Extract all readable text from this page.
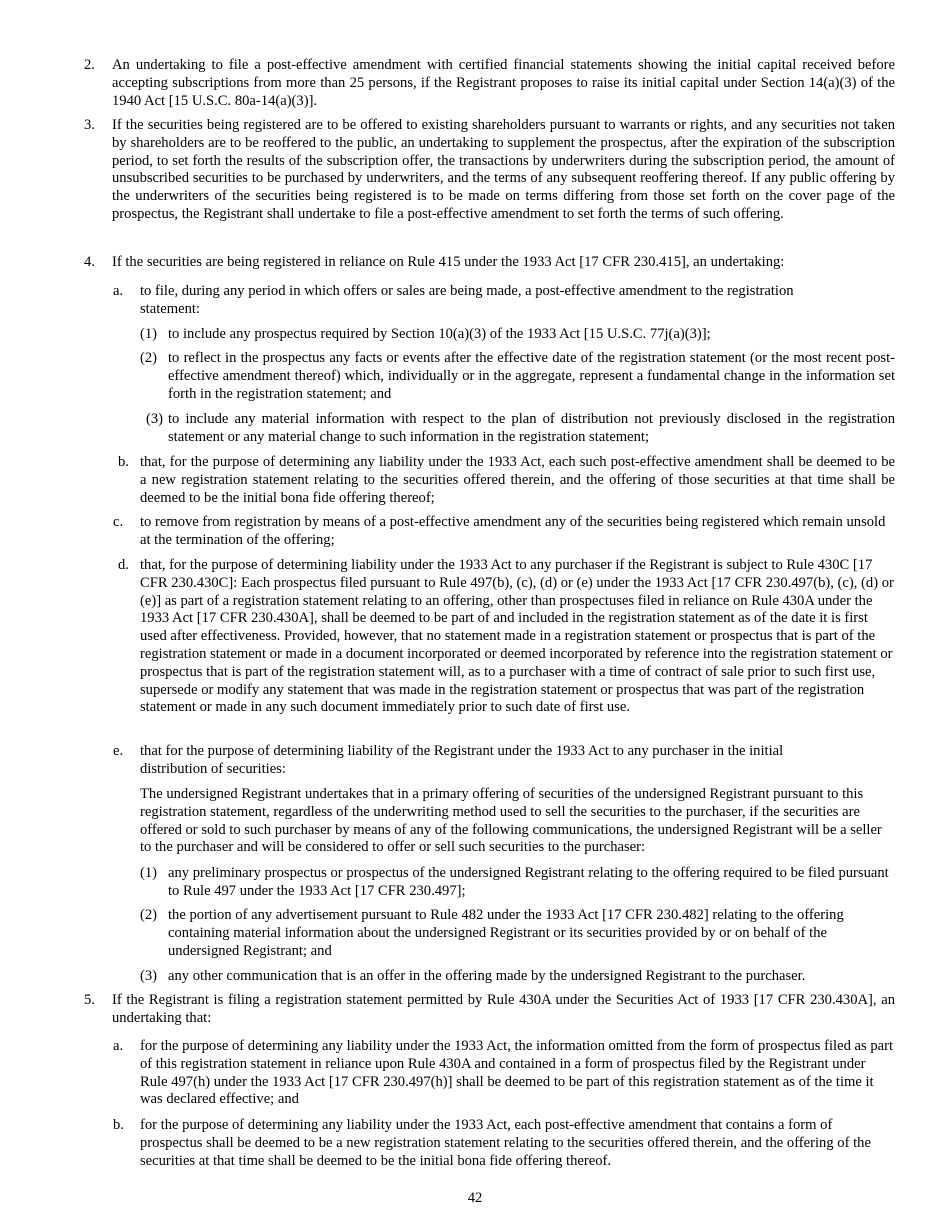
2. An undertaking to file a post-effective amendment with certified financial statements showing the initial capital received before accepting subscriptions from more than 25 persons, if the Registrant proposes to raise its initial capital under Section 14(a)(3) of the 1940 Act [15 U.S.C. 80a-14(a)(3)].
3. If the securities being registered are to be offered to existing shareholders pursuant to warrants or rights, and any securities not taken by shareholders are to be reoffered to the public, an undertaking to supplement the prospectus, after the expiration of the subscription period, to set forth the results of the subscription offer, the transactions by underwriters during the subscription period, the amount of unsubscribed securities to be purchased by underwriters, and the terms of any subsequent reoffering thereof. If any public offering by the underwriters of the securities being registered is to be made on terms differing from those set forth on the cover page of the prospectus, the Registrant shall undertake to file a post-effective amendment to set forth the terms of such offering.
4. If the securities are being registered in reliance on Rule 415 under the 1933 Act [17 CFR 230.415], an undertaking:
a. to file, during any period in which offers or sales are being made, a post-effective amendment to the registration statement:
(1) to include any prospectus required by Section 10(a)(3) of the 1933 Act [15 U.S.C. 77j(a)(3)];
(2) to reflect in the prospectus any facts or events after the effective date of the registration statement (or the most recent post-effective amendment thereof) which, individually or in the aggregate, represent a fundamental change in the information set forth in the registration statement; and
(3) to include any material information with respect to the plan of distribution not previously disclosed in the registration statement or any material change to such information in the registration statement;
b. that, for the purpose of determining any liability under the 1933 Act, each such post-effective amendment shall be deemed to be a new registration statement relating to the securities offered therein, and the offering of those securities at that time shall be deemed to be the initial bona fide offering thereof;
c. to remove from registration by means of a post-effective amendment any of the securities being registered which remain unsold at the termination of the offering;
d. that, for the purpose of determining liability under the 1933 Act to any purchaser if the Registrant is subject to Rule 430C [17 CFR 230.430C]: Each prospectus filed pursuant to Rule 497(b), (c), (d) or (e) under the 1933 Act [17 CFR 230.497(b), (c), (d) or (e)] as part of a registration statement relating to an offering, other than prospectuses filed in reliance on Rule 430A under the 1933 Act [17 CFR 230.430A], shall be deemed to be part of and included in the registration statement as of the date it is first used after effectiveness. Provided, however, that no statement made in a registration statement or prospectus that is part of the registration statement or made in a document incorporated or deemed incorporated by reference into the registration statement or prospectus that is part of the registration statement will, as to a purchaser with a time of contract of sale prior to such first use, supersede or modify any statement that was made in the registration statement or prospectus that was part of the registration statement or made in any such document immediately prior to such date of first use.
e. that for the purpose of determining liability of the Registrant under the 1933 Act to any purchaser in the initial distribution of securities:
The undersigned Registrant undertakes that in a primary offering of securities of the undersigned Registrant pursuant to this registration statement, regardless of the underwriting method used to sell the securities to the purchaser, if the securities are offered or sold to such purchaser by means of any of the following communications, the undersigned Registrant will be a seller to the purchaser and will be considered to offer or sell such securities to the purchaser:
(1) any preliminary prospectus or prospectus of the undersigned Registrant relating to the offering required to be filed pursuant to Rule 497 under the 1933 Act [17 CFR 230.497];
(2) the portion of any advertisement pursuant to Rule 482 under the 1933 Act [17 CFR 230.482] relating to the offering containing material information about the undersigned Registrant or its securities provided by or on behalf of the undersigned Registrant; and
(3) any other communication that is an offer in the offering made by the undersigned Registrant to the purchaser.
5. If the Registrant is filing a registration statement permitted by Rule 430A under the Securities Act of 1933 [17 CFR 230.430A], an undertaking that:
a. for the purpose of determining any liability under the 1933 Act, the information omitted from the form of prospectus filed as part of this registration statement in reliance upon Rule 430A and contained in a form of prospectus filed by the Registrant under Rule 497(h) under the 1933 Act [17 CFR 230.497(h)] shall be deemed to be part of this registration statement as of the time it was declared effective; and
b. for the purpose of determining any liability under the 1933 Act, each post-effective amendment that contains a form of prospectus shall be deemed to be a new registration statement relating to the securities offered therein, and the offering of the securities at that time shall be deemed to be the initial bona fide offering thereof.
42
